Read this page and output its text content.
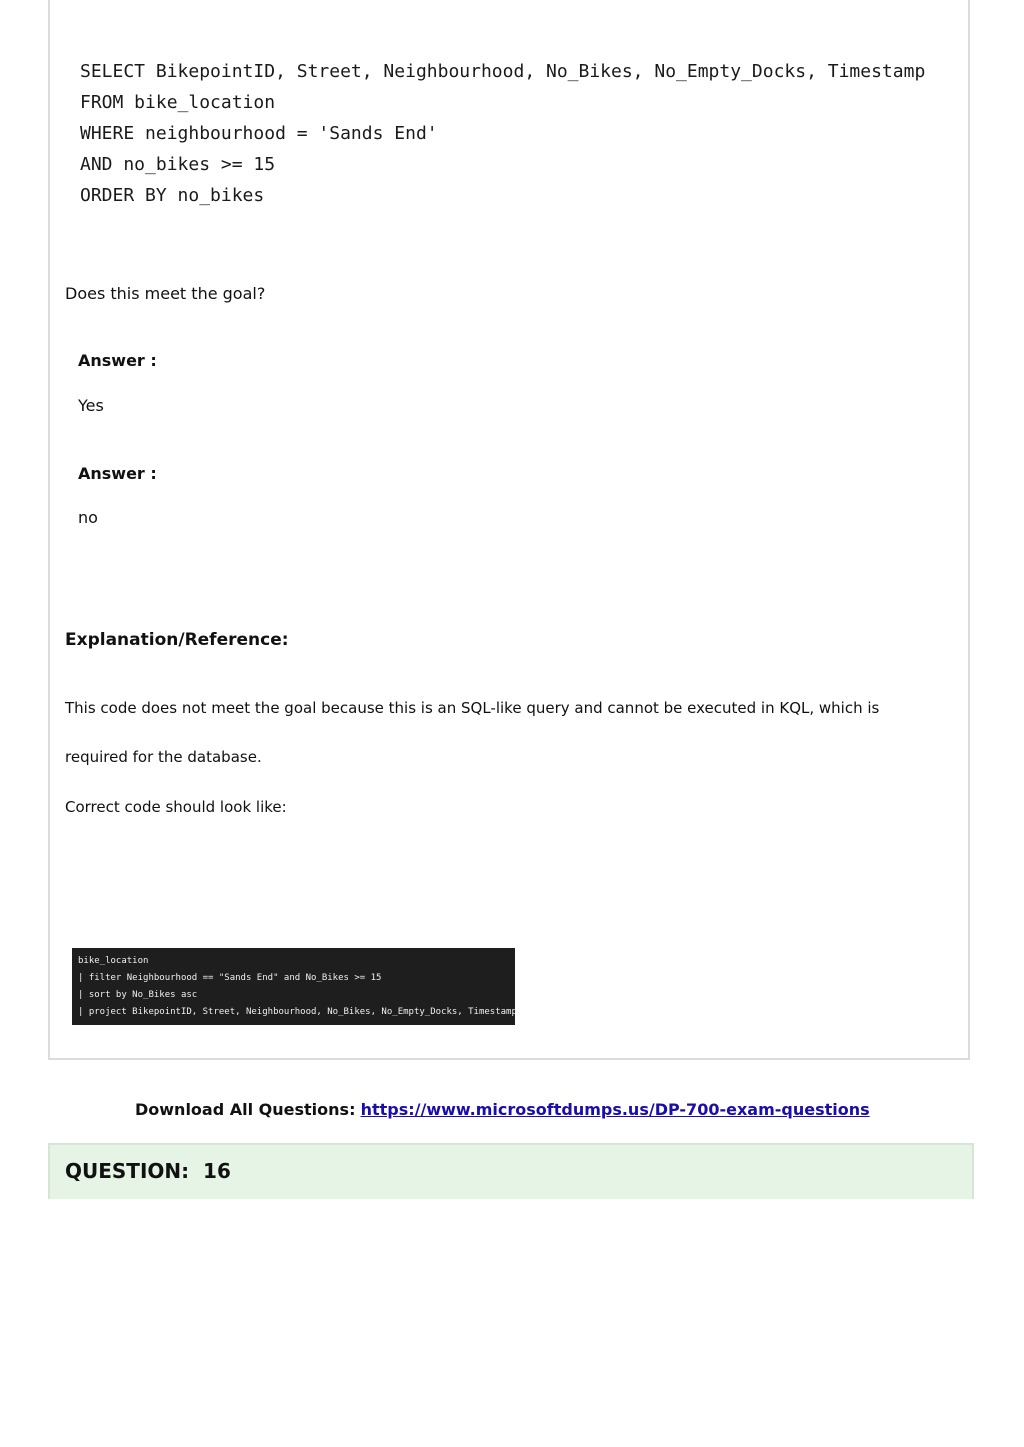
SELECT BikepointID, Street, Neighbourhood, No_Bikes, No_Empty_Docks, Timestamp
FROM bike_location
WHERE neighbourhood = 'Sands End'
AND no_bikes >= 15
ORDER BY no_bikes

Does this meet the goal?

Answer :

Yes

Answer :

no

Explanation/Reference:

This code does not meet the goal because this is an SQL-like query and cannot be executed in KQL, which is

required for the database.

Correct code should look like:

bike_location
| filter Neighbourhood == "Sands End" and No_Bikes >= 15
| sort by No_Bikes asc
| project BikepointID, Street, Neighbourhood, No_Bikes, No_Empty_Docks, Timestamp

Download All Questions: https://www.microsoftdumps.us/DP-700-exam-questions

QUESTION:  16
